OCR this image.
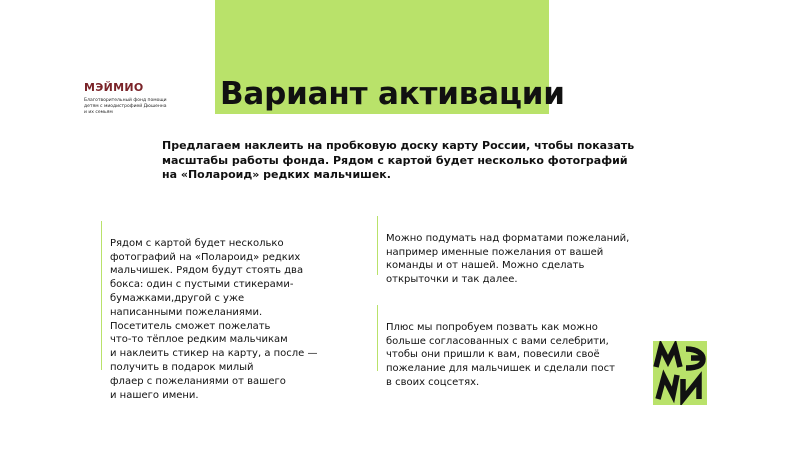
МЭЙМИО
Благотворительный фонд помощи
детям с миодистрофией Дюшенна
и их семьям
Вариант активации

Предлагаем наклеить на пробковую доску карту России, чтобы показать
масштабы работы фонда. Рядом с картой будет несколько фотографий
на «Полароид» редких мальчишек.

Рядом с картой будет несколько
фотографий на «Полароид» редких
мальчишек. Рядом будут стоять два
бокса: один с пустыми стикерами-
бумажками,другой с уже
написанными пожеланиями.
Посетитель сможет пожелать
что-то тёплое редким мальчикам
и наклеить стикер на карту, а после —
получить в подарок милый
флаер с пожеланиями от вашего
и нашего имени.

Можно подумать над форматами пожеланий,
например именные пожелания от вашей
команды и от нашей. Можно сделать
открыточки и так далее.

Плюс мы попробуем позвать как можно
больше согласованных с вами селебрити,
чтобы они пришли к вам, повесили своё
пожелание для мальчишек и сделали пост
в своих соцсетях.
